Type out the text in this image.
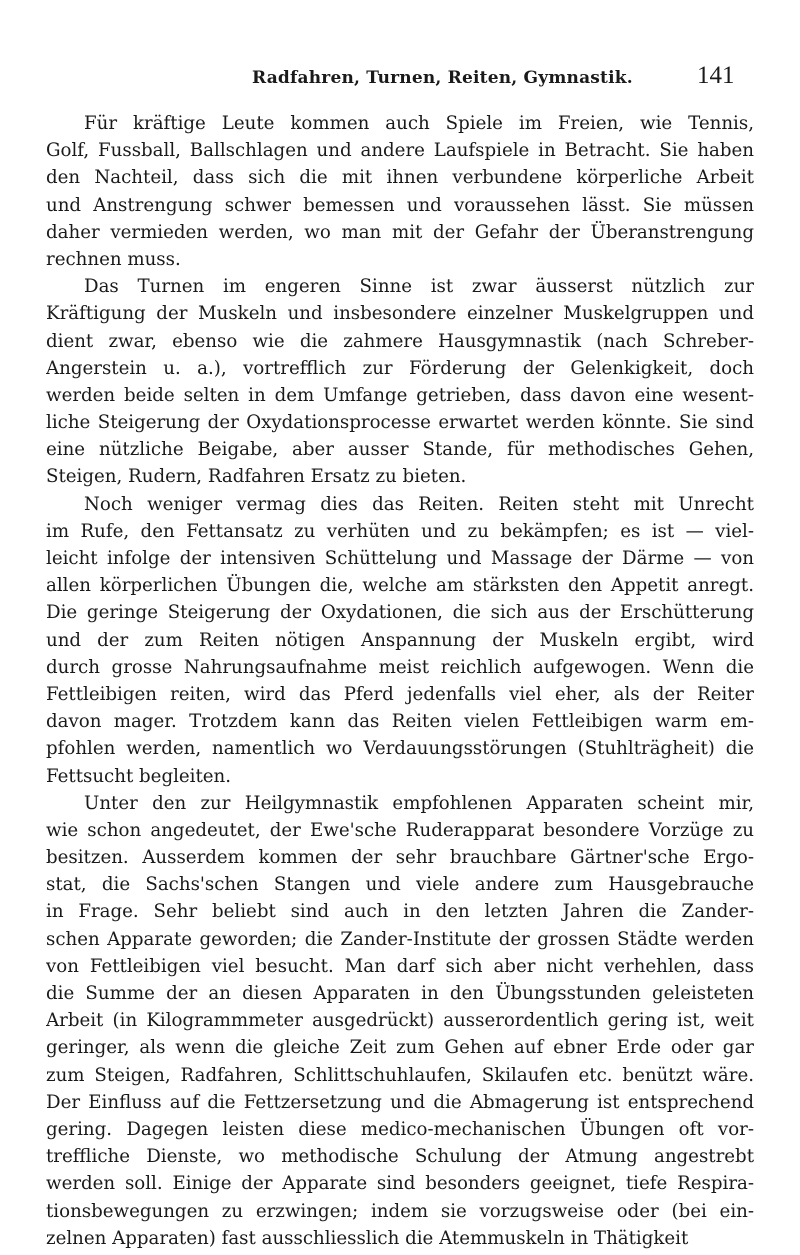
Radfahren, Turnen, Reiten, Gymnastik.	141
Für kräftige Leute kommen auch Spiele im Freien, wie Tennis,
Golf, Fussball, Ballschlagen und andere Laufspiele in Betracht. Sie haben
den Nachteil, dass sich die mit ihnen verbundene körperliche Arbeit
und Anstrengung schwer bemessen und voraussehen lässt. Sie müssen
daher vermieden werden, wo man mit der Gefahr der Überanstrengung
rechnen muss.
Das Turnen im engeren Sinne ist zwar äusserst nützlich zur
Kräftigung der Muskeln und insbesondere einzelner Muskelgruppen und
dient zwar, ebenso wie die zahmere Hausgymnastik (nach Schreber-
Angerstein u. a.), vortrefflich zur Förderung der Gelenkigkeit, doch
werden beide selten in dem Umfange getrieben, dass davon eine wesent-
liche Steigerung der Oxydationsprocesse erwartet werden könnte. Sie sind
eine nützliche Beigabe, aber ausser Stande, für methodisches Gehen,
Steigen, Rudern, Radfahren Ersatz zu bieten.
Noch weniger vermag dies das Reiten. Reiten steht mit Unrecht
im Rufe, den Fettansatz zu verhüten und zu bekämpfen; es ist — viel-
leicht infolge der intensiven Schüttelung und Massage der Därme — von
allen körperlichen Übungen die, welche am stärksten den Appetit anregt.
Die geringe Steigerung der Oxydationen, die sich aus der Erschütterung
und der zum Reiten nötigen Anspannung der Muskeln ergibt, wird
durch grosse Nahrungsaufnahme meist reichlich aufgewogen. Wenn die
Fettleibigen reiten, wird das Pferd jedenfalls viel eher, als der Reiter
davon mager. Trotzdem kann das Reiten vielen Fettleibigen warm em-
pfohlen werden, namentlich wo Verdauungsstörungen (Stuhlträgheit) die
Fettsucht begleiten.
Unter den zur Heilgymnastik empfohlenen Apparaten scheint mir,
wie schon angedeutet, der Ewe'sche Ruderapparat besondere Vorzüge zu
besitzen. Ausserdem kommen der sehr brauchbare Gärtner'sche Ergo-
stat, die Sachs'schen Stangen und viele andere zum Hausgebrauche
in Frage. Sehr beliebt sind auch in den letzten Jahren die Zander-
schen Apparate geworden; die Zander-Institute der grossen Städte werden
von Fettleibigen viel besucht. Man darf sich aber nicht verhehlen, dass
die Summe der an diesen Apparaten in den Übungsstunden geleisteten
Arbeit (in Kilogrammmeter ausgedrückt) ausserordentlich gering ist, weit
geringer, als wenn die gleiche Zeit zum Gehen auf ebner Erde oder gar
zum Steigen, Radfahren, Schlittschuhlaufen, Skilaufen etc. benützt wäre.
Der Einfluss auf die Fettzersetzung und die Abmagerung ist entsprechend
gering. Dagegen leisten diese medico-mechanischen Übungen oft vor-
treffliche Dienste, wo methodische Schulung der Atmung angestrebt
werden soll. Einige der Apparate sind besonders geeignet, tiefe Respira-
tionsbewegungen zu erzwingen; indem sie vorzugsweise oder (bei ein-
zelnen Apparaten) fast ausschliesslich die Atemmuskeln in Thätigkeit
